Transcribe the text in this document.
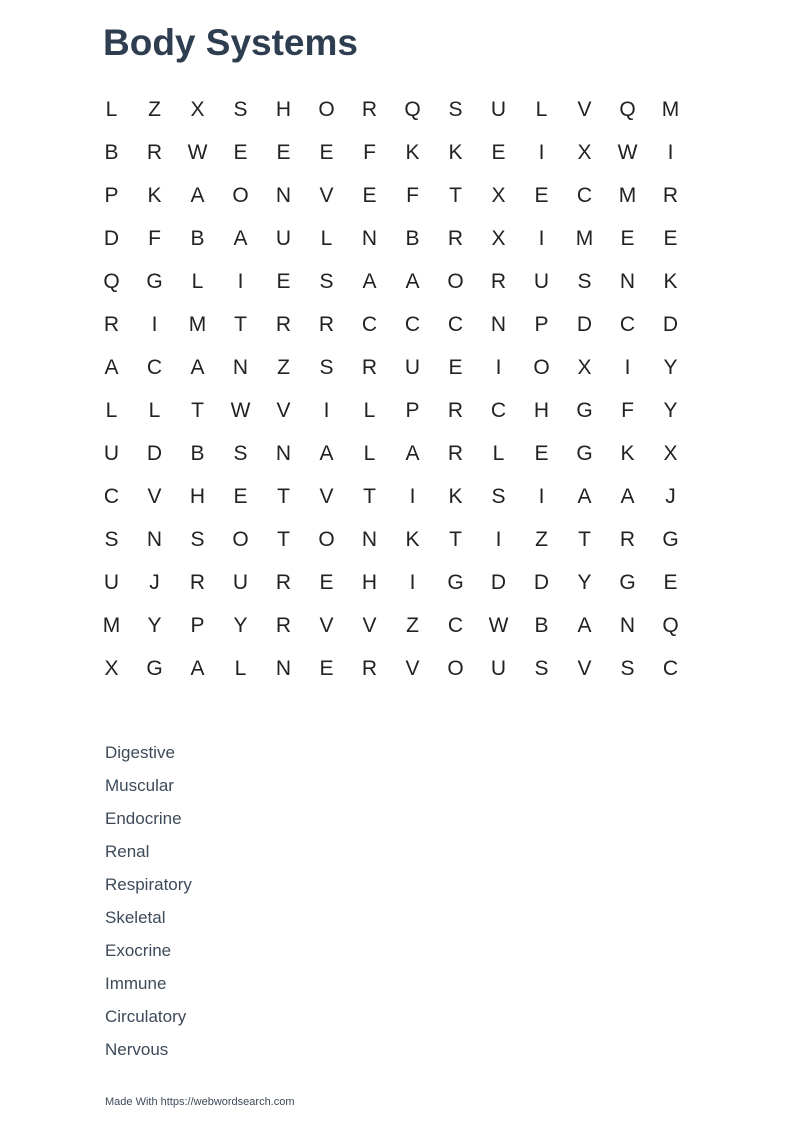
Body Systems
L	Z	X	S	H	O	R	Q	S	U	L	V	Q	M
B	R	W	E	E	E	F	K	K	E	I	X	W	I
P	K	A	O	N	V	E	F	T	X	E	C	M	R
D	F	B	A	U	L	N	B	R	X	I	M	E	E
Q	G	L	I	E	S	A	A	O	R	U	S	N	K
R	I	M	T	R	R	C	C	C	N	P	D	C	D
A	C	A	N	Z	S	R	U	E	I	O	X	I	Y
L	L	T	W	V	I	L	P	R	C	H	G	F	Y
U	D	B	S	N	A	L	A	R	L	E	G	K	X
C	V	H	E	T	V	T	I	K	S	I	A	A	J
S	N	S	O	T	O	N	K	T	I	Z	T	R	G
U	J	R	U	R	E	H	I	G	D	D	Y	G	E
M	Y	P	Y	R	V	V	Z	C	W	B	A	N	Q
X	G	A	L	N	E	R	V	O	U	S	V	S	C
Digestive
Muscular
Endocrine
Renal
Respiratory
Skeletal
Exocrine
Immune
Circulatory
Nervous
Made With https://webwordsearch.com
